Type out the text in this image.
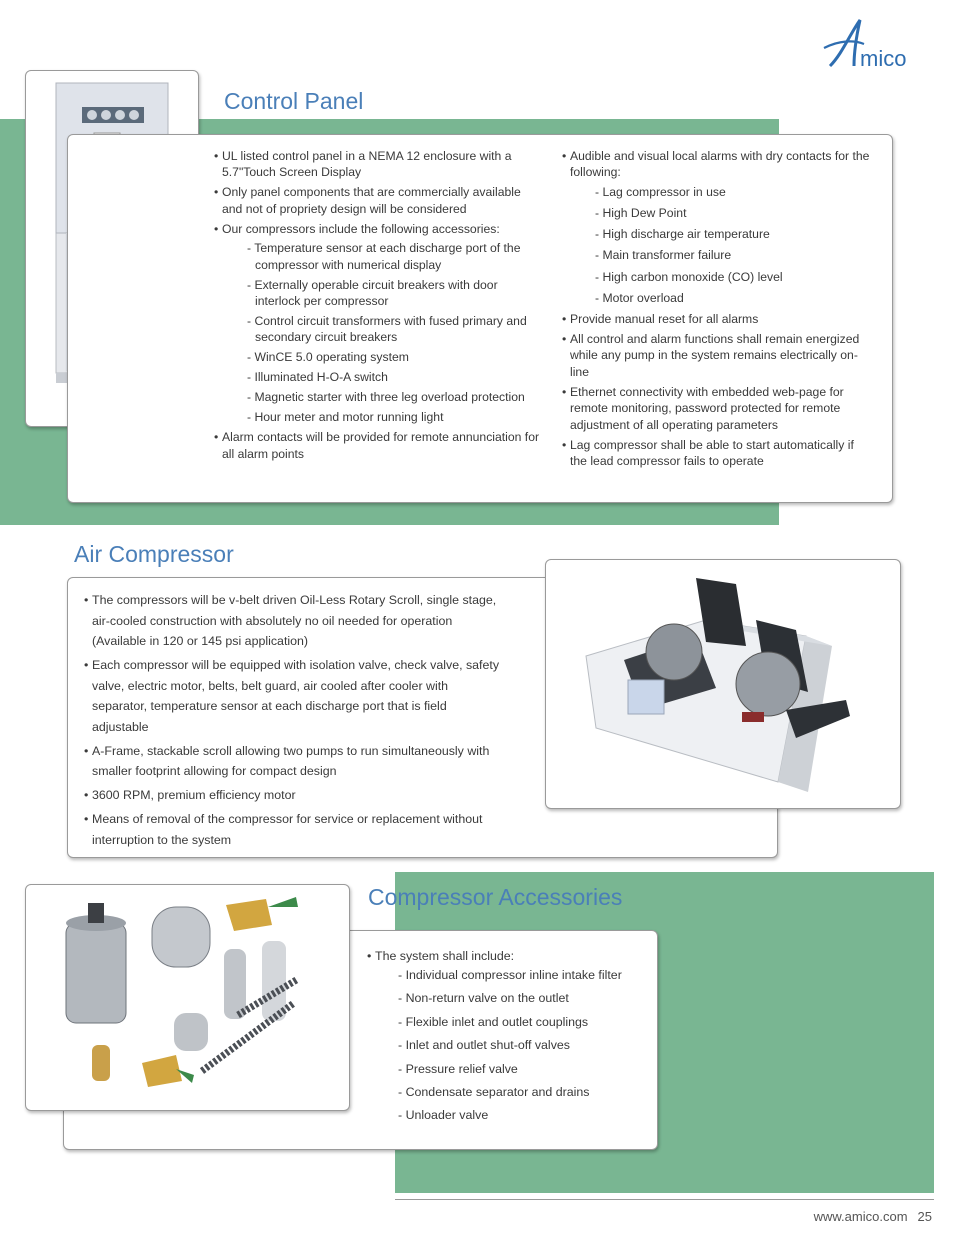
mico
Control Panel
• UL listed control panel in a NEMA 12 enclosure with a 5.7"Touch Screen Display
• Only panel components that are commercially available and not of propriety design will be considered
• Our compressors include the following accessories:
- Temperature sensor at each discharge port of the compressor with numerical display
- Externally operable circuit breakers with door interlock per compressor
- Control circuit transformers with fused primary and secondary circuit breakers
- WinCE 5.0 operating system
- Illuminated H-O-A switch
- Magnetic starter with three leg overload protection
- Hour meter and motor running light
• Alarm contacts will be provided for remote annunciation for all alarm points
• Audible and visual local alarms with dry contacts for the following:
- Lag compressor in use
- High Dew Point
- High discharge air temperature
- Main transformer failure
- High carbon monoxide (CO) level
- Motor overload
• Provide manual reset for all alarms
• All control and alarm functions shall remain energized while any pump in the system remains electrically on-line
• Ethernet connectivity with embedded web-page for remote monitoring, password protected for remote adjustment of all operating parameters
• Lag compressor shall be able to start automatically if the lead compressor fails to operate
Air Compressor
• The compressors will be v-belt driven Oil-Less Rotary Scroll, single stage, air-cooled construction with absolutely no oil needed for operation (Available in 120 or 145 psi application)
• Each compressor will be equipped with isolation valve, check valve, safety valve, electric motor, belts, belt guard, air cooled after cooler with separator, temperature sensor at each discharge port that is field adjustable
• A-Frame, stackable scroll allowing two pumps to run simultaneously with smaller footprint allowing for compact design
• 3600 RPM, premium efficiency motor
• Means of removal of the compressor for service or replacement without interruption to the system
• The system shall include:
- Individual compressor inline intake filter
- Non-return valve on the outlet
- Flexible inlet and outlet couplings
- Inlet and outlet shut-off valves
- Pressure relief valve
- Condensate separator and drains
- Unloader valve
Compressor Accessories
www.amico.com 25
